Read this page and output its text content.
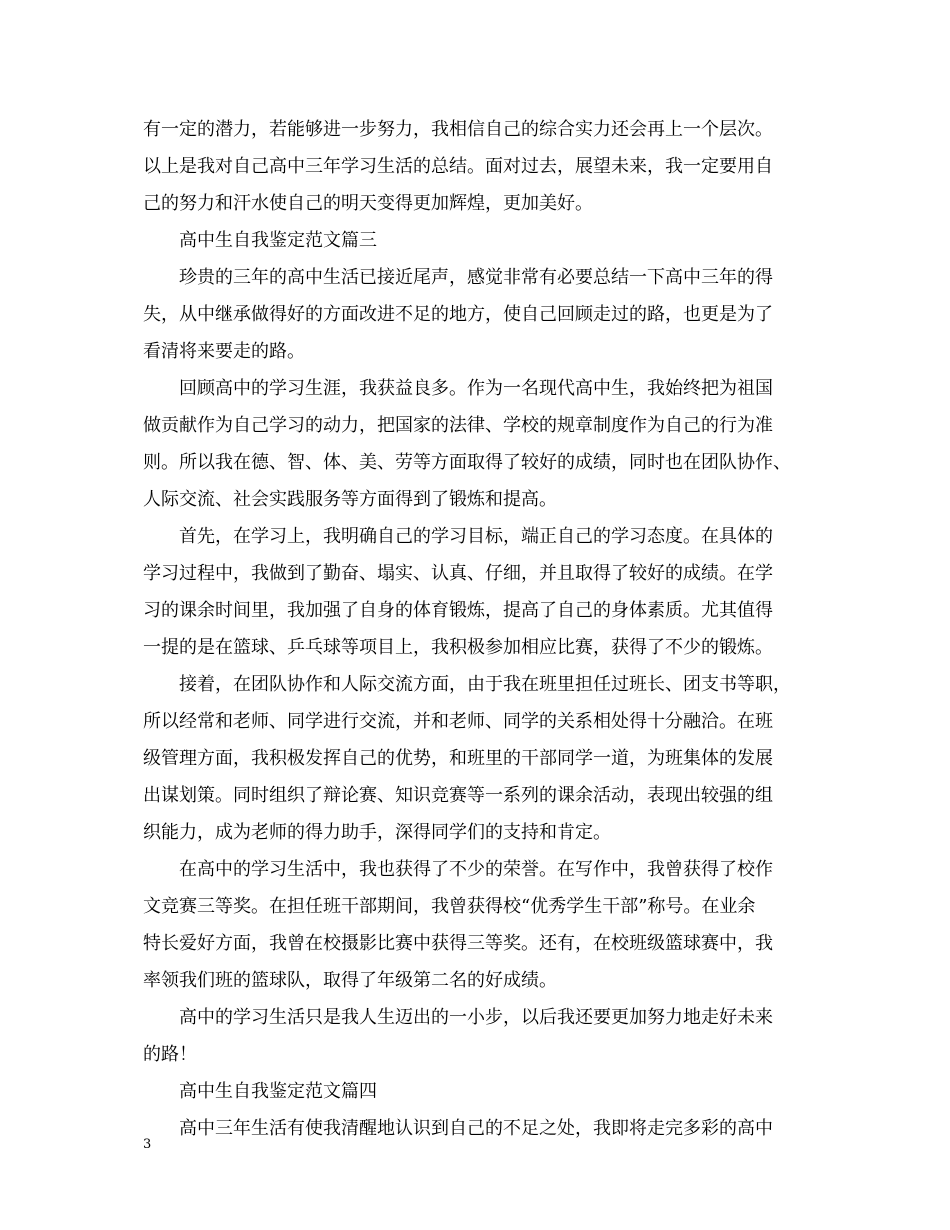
有一定的潜力，若能够进一步努力，我相信自己的综合实力还会再上一个层次。
以上是我对自己高中三年学习生活的总结。面对过去，展望未来，我一定要用自
己的努力和汗水使自己的明天变得更加辉煌，更加美好。
高中生自我鉴定范文篇三
珍贵的三年的高中生活已接近尾声，感觉非常有必要总结一下高中三年的得
失，从中继承做得好的方面改进不足的地方，使自己回顾走过的路，也更是为了
看清将来要走的路。
回顾高中的学习生涯，我获益良多。作为一名现代高中生，我始终把为祖国
做贡献作为自己学习的动力，把国家的法律、学校的规章制度作为自己的行为准
则。所以我在德、智、体、美、劳等方面取得了较好的成绩，同时也在团队协作、
人际交流、社会实践服务等方面得到了锻炼和提高。
首先，在学习上，我明确自己的学习目标，端正自己的学习态度。在具体的
学习过程中，我做到了勤奋、塌实、认真、仔细，并且取得了较好的成绩。在学
习的课余时间里，我加强了自身的体育锻炼，提高了自己的身体素质。尤其值得
一提的是在篮球、乒乓球等项目上，我积极参加相应比赛，获得了不少的锻炼。
接着，在团队协作和人际交流方面，由于我在班里担任过班长、团支书等职，
所以经常和老师、同学进行交流，并和老师、同学的关系相处得十分融洽。在班
级管理方面，我积极发挥自己的优势，和班里的干部同学一道，为班集体的发展
出谋划策。同时组织了辩论赛、知识竞赛等一系列的课余活动，表现出较强的组
织能力，成为老师的得力助手，深得同学们的支持和肯定。
在高中的学习生活中，我也获得了不少的荣誉。在写作中，我曾获得了校作
文竞赛三等奖。在担任班干部期间，我曾获得校“优秀学生干部”称号。在业余
特长爱好方面，我曾在校摄影比赛中获得三等奖。还有，在校班级篮球赛中，我
率领我们班的篮球队，取得了年级第二名的好成绩。
高中的学习生活只是我人生迈出的一小步，以后我还要更加努力地走好未来
的路！
高中生自我鉴定范文篇四
高中三年生活有使我清醒地认识到自己的不足之处，我即将走完多彩的高中
3
